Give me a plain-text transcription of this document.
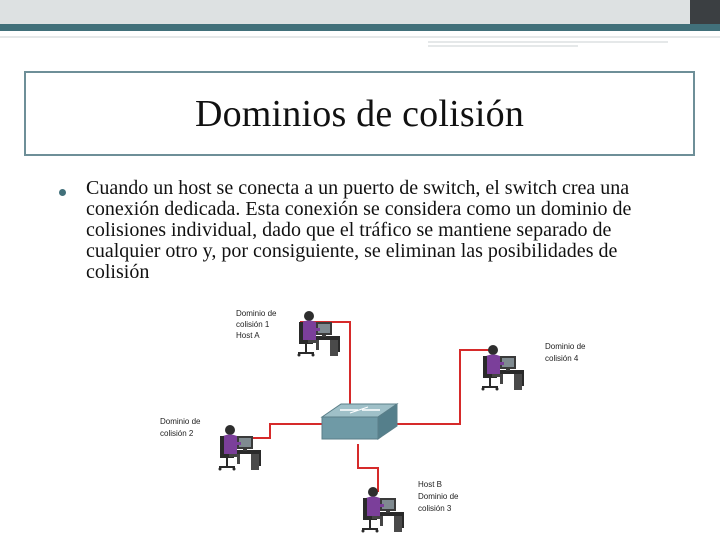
Dominios de colisión
Cuando un host se conecta a un puerto de switch, el switch crea una conexión dedicada. Esta conexión se considera como un dominio de colisiones individual, dado que el tráfico se mantiene separado de cualquier otro y, por consiguiente, se eliminan las posibilidades de colisión
Dominio de
colisión 1
Host A
Dominio de
colisión 4
Dominio de
colisión 2
Host B
Dominio de
colisión 3
